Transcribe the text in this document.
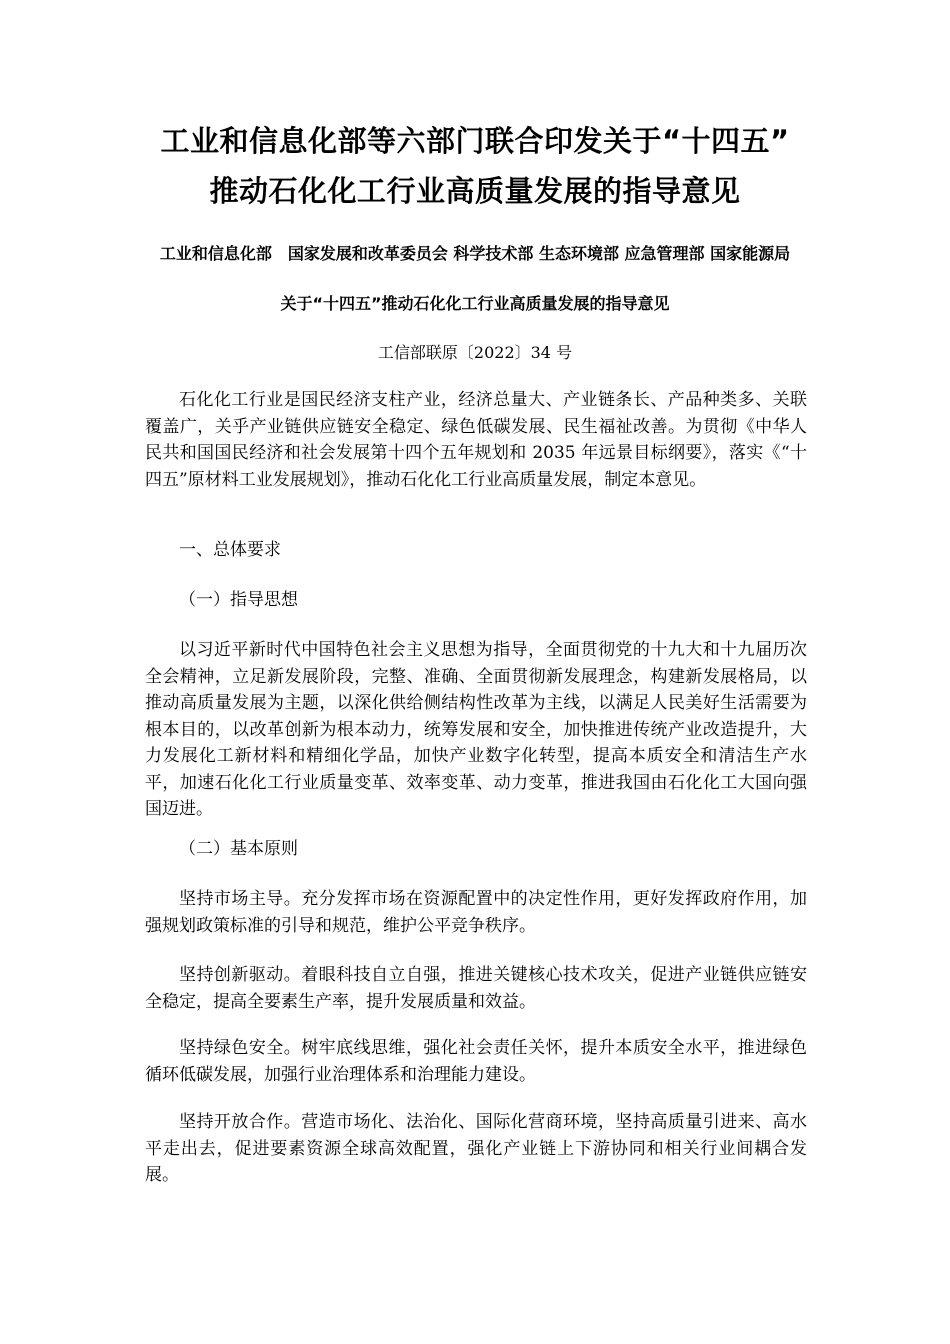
工业和信息化部等六部门联合印发关于“十四五”
推动石化化工行业高质量发展的指导意见
工业和信息化部　国家发展和改革委员会 科学技术部 生态环境部 应急管理部 国家能源局
关于“十四五”推动石化化工行业高质量发展的指导意见
工信部联原〔2022〕34 号

石化化工行业是国民经济支柱产业，经济总量大、产业链条长、产品种类多、关联覆盖广，关乎产业链供应链安全稳定、绿色低碳发展、民生福祉改善。为贯彻《中华人民共和国国民经济和社会发展第十四个五年规划和 2035 年远景目标纲要》，落实《“十四五”原材料工业发展规划》，推动石化化工行业高质量发展，制定本意见。

一、总体要求

（一）指导思想

以习近平新时代中国特色社会主义思想为指导，全面贯彻党的十九大和十九届历次全会精神，立足新发展阶段，完整、准确、全面贯彻新发展理念，构建新发展格局，以推动高质量发展为主题，以深化供给侧结构性改革为主线，以满足人民美好生活需要为根本目的，以改革创新为根本动力，统筹发展和安全，加快推进传统产业改造提升，大力发展化工新材料和精细化学品，加快产业数字化转型，提高本质安全和清洁生产水平，加速石化化工行业质量变革、效率变革、动力变革，推进我国由石化化工大国向强国迈进。

（二）基本原则

坚持市场主导。充分发挥市场在资源配置中的决定性作用，更好发挥政府作用，加强规划政策标准的引导和规范，维护公平竞争秩序。

坚持创新驱动。着眼科技自立自强，推进关键核心技术攻关，促进产业链供应链安全稳定，提高全要素生产率，提升发展质量和效益。

坚持绿色安全。树牢底线思维，强化社会责任关怀，提升本质安全水平，推进绿色循环低碳发展，加强行业治理体系和治理能力建设。

坚持开放合作。营造市场化、法治化、国际化营商环境，坚持高质量引进来、高水平走出去，促进要素资源全球高效配置，强化产业链上下游协同和相关行业间耦合发展。
